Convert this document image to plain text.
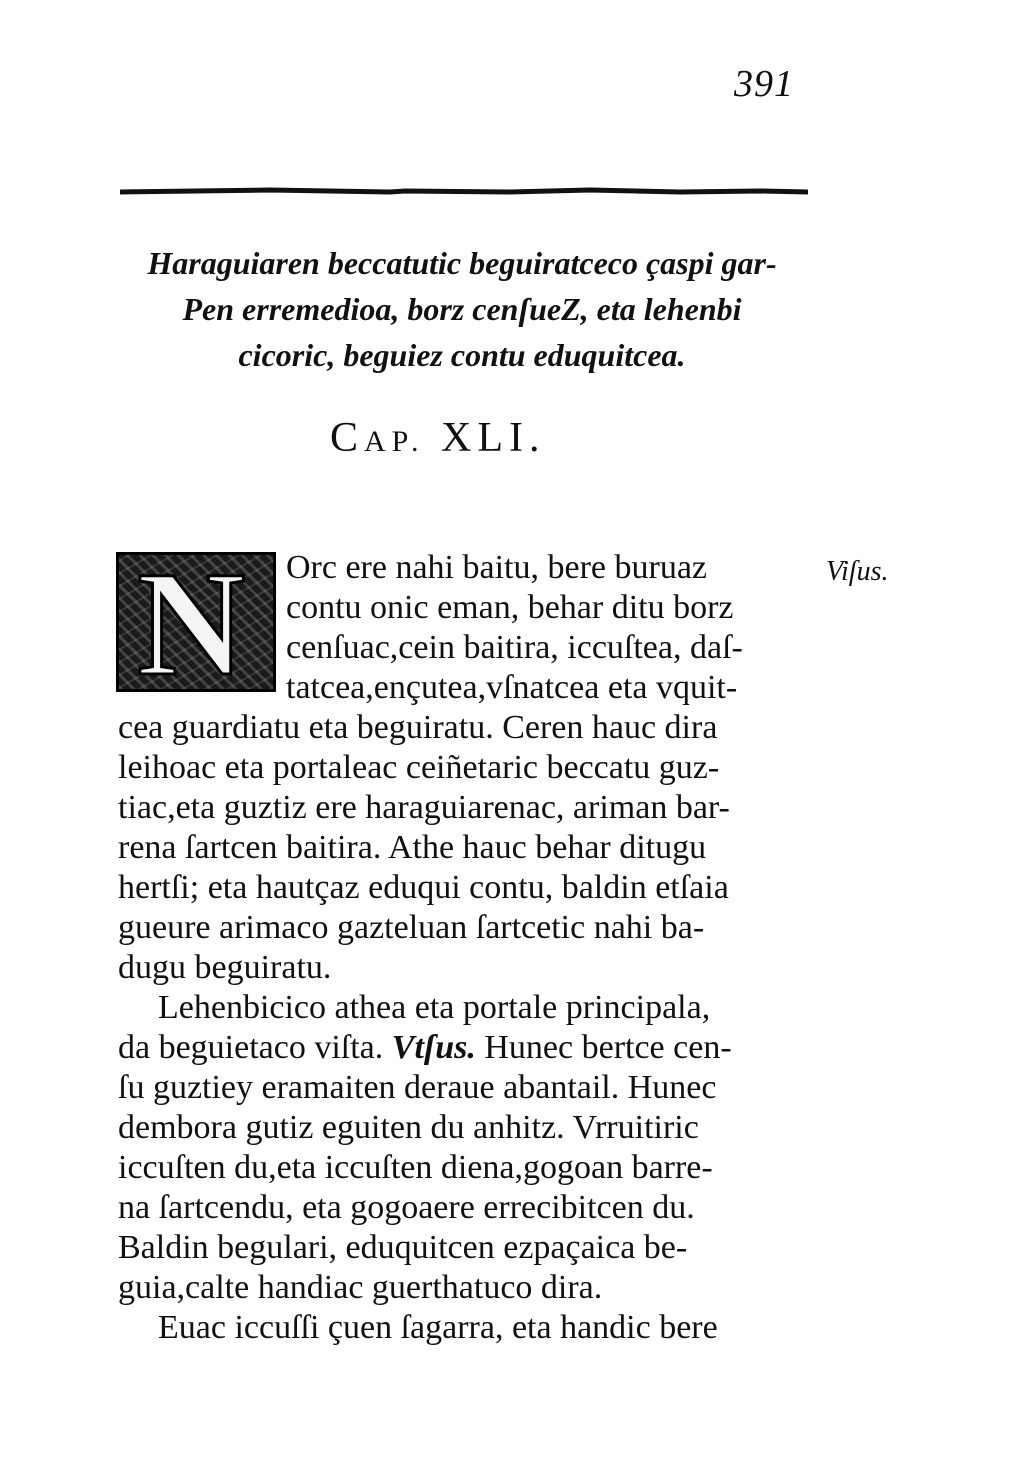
391
Haraguiaren beccatutic beguiratceco çaspi gar-
Pen erremedioa, borz cenſueZ, eta lehenbi
cicoric, beguiez contu eduquitcea.
CAP. XLI.
N	Viſus.
Orc ere nahi baitu, bere buruaz
contu onic eman, behar ditu borz
cenſuac,cein baitira, iccuſtea, daſ-
tatcea,ençutea,vſnatcea eta vquit-
cea guardiatu eta beguiratu. Ceren hauc dira
leihoac eta portaleac ceiñetaric beccatu guz-
tiac,eta guztiz ere haraguiarenac, ariman bar-
rena ſartcen baitira. Athe hauc behar ditugu
hertſi; eta hautçaz eduqui contu, baldin etſaia
gueure arimaco gazteluan ſartcetic nahi ba-
dugu beguiratu.
Lehenbicico athea eta portale principala,
da beguietaco viſta. Vtſus. Hunec bertce cen-
ſu guztiey eramaiten deraue abantail. Hunec
dembora gutiz eguiten du anhitz. Vrruitiric
iccuſten du,eta iccuſten diena,gogoan barre-
na ſartcendu, eta gogoaere errecibitcen du.
Baldin begulari, eduquitcen ezpaçaica be-
guia,calte handiac guerthatuco dira.
Euac iccuſſi çuen ſagarra, eta handic bere
